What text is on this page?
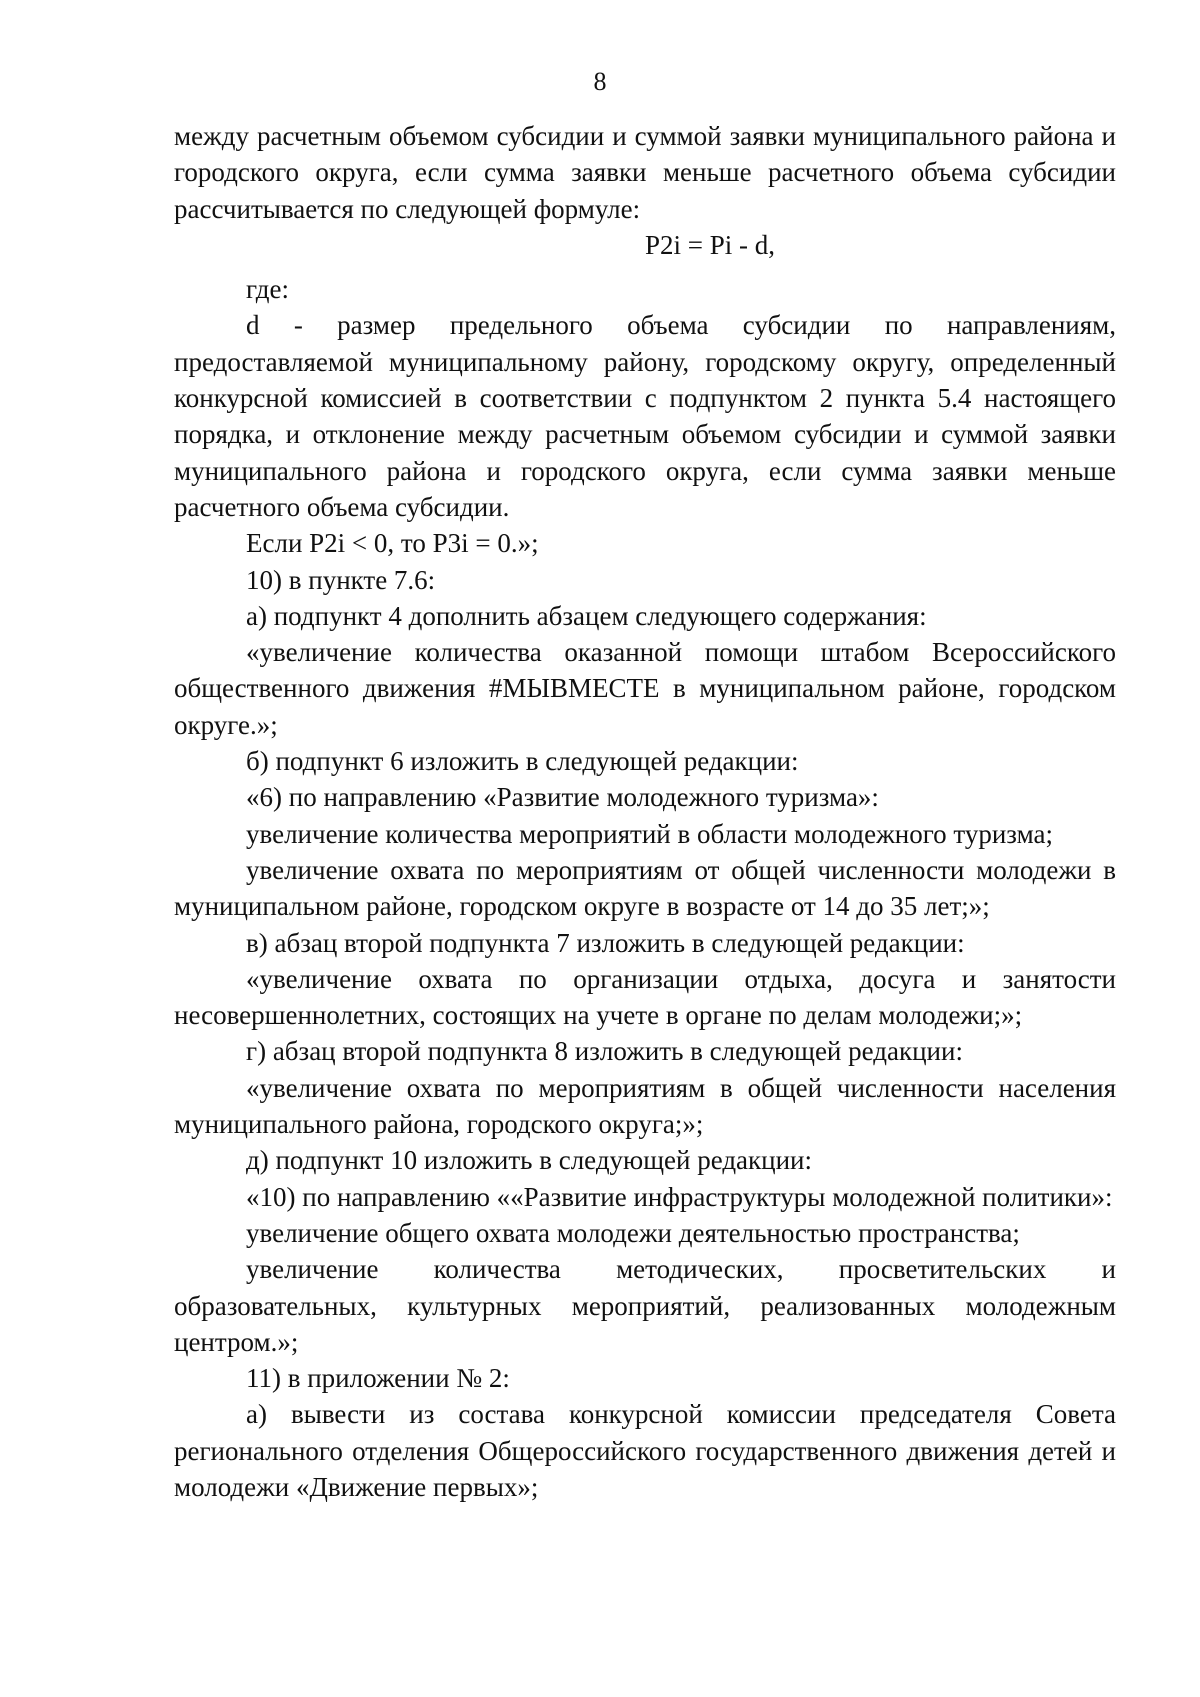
8

между расчетным объемом субсидии и суммой заявки муниципального района и городского округа, если сумма заявки меньше расчетного объема субсидии рассчитывается по следующей формуле:

P2i = Pi - d,

где:

d - размер предельного объема субсидии по направлениям, предоставляемой муниципальному району, городскому округу, определенный конкурсной комиссией в соответствии с подпунктом 2 пункта 5.4 настоящего порядка, и отклонение между расчетным объемом субсидии и суммой заявки муниципального района и городского округа, если сумма заявки меньше расчетного объема субсидии.

Если P2i < 0, то P3i = 0.»;

10) в пункте 7.6:

а) подпункт 4 дополнить абзацем следующего содержания:

«увеличение количества оказанной помощи штабом Всероссийского общественного движения #МЫВМЕСТЕ в муниципальном районе, городском округе.»;

б) подпункт 6 изложить в следующей редакции:

«6) по направлению «Развитие молодежного туризма»:

увеличение количества мероприятий в области молодежного туризма;

увеличение охвата по мероприятиям от общей численности молодежи в муниципальном районе, городском округе в возрасте от 14 до 35 лет;»;

в) абзац второй подпункта 7 изложить в следующей редакции:

«увеличение охвата по организации отдыха, досуга и занятости несовершеннолетних, состоящих на учете в органе по делам молодежи;»;

г) абзац второй подпункта 8 изложить в следующей редакции:

«увеличение охвата по мероприятиям в общей численности населения муниципального района, городского округа;»;

д) подпункт 10 изложить в следующей редакции:

«10) по направлению ««Развитие инфраструктуры молодежной политики»:

увеличение общего охвата молодежи деятельностью пространства;

увеличение количества методических, просветительских и образовательных, культурных мероприятий, реализованных молодежным центром.»;

11) в приложении № 2:

а) вывести из состава конкурсной комиссии председателя Совета регионального отделения Общероссийского государственного движения детей и молодежи «Движение первых»;
